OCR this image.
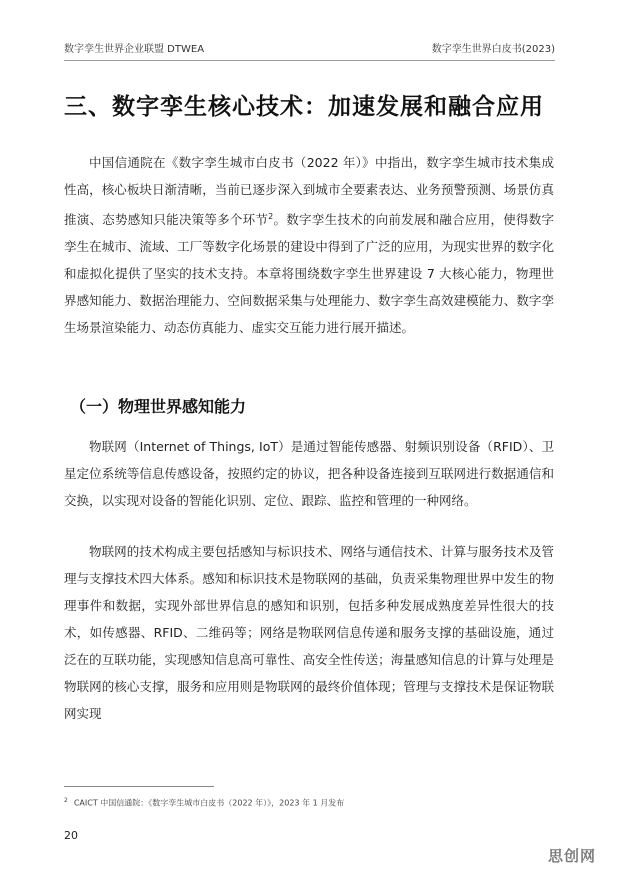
数字孪生世界企业联盟 DTWEA	数字孪生世界白皮书(2023)
三、数字孪生核心技术：加速发展和融合应用
中国信通院在《数字孪生城市白皮书（2022 年）》中指出，数字孪生城市技术集成性高，核心板块日渐清晰，当前已逐步深入到城市全要素表达、业务预警预测、场景仿真推演、态势感知只能决策等多个环节$^2$。数字孪生技术的向前发展和融合应用，使得数字孪生在城市、流域、工厂等数字化场景的建设中得到了广泛的应用，为现实世界的数字化和虚拟化提供了坚实的技术支持。本章将围绕数字孪生世界建设 7 大核心能力，物理世界感知能力、数据治理能力、空间数据采集与处理能力、数字孪生高效建模能力、数字孪生场景渲染能力、动态仿真能力、虚实交互能力进行展开描述。
（一）物理世界感知能力
物联网（Internet of Things, IoT）是通过智能传感器、射频识别设备（RFID）、卫星定位系统等信息传感设备，按照约定的协议，把各种设备连接到互联网进行数据通信和交换，以实现对设备的智能化识别、定位、跟踪、监控和管理的一种网络。
物联网的技术构成主要包括感知与标识技术、网络与通信技术、计算与服务技术及管理与支撑技术四大体系。感知和标识技术是物联网的基础，负责采集物理世界中发生的物理事件和数据，实现外部世界信息的感知和识别，包括多种发展成熟度差异性很大的技术，如传感器、RFID、二维码等；网络是物联网信息传递和服务支撑的基础设施，通过泛在的互联功能，实现感知信息高可靠性、高安全性传送；海量感知信息的计算与处理是物联网的核心支撑，服务和应用则是物联网的最终价值体现；管理与支撑技术是保证物联网实现
$^2$ CAICT 中国信通院：《数字孪生城市白皮书（2022 年）》，2023 年 1 月发布
20
思创网
